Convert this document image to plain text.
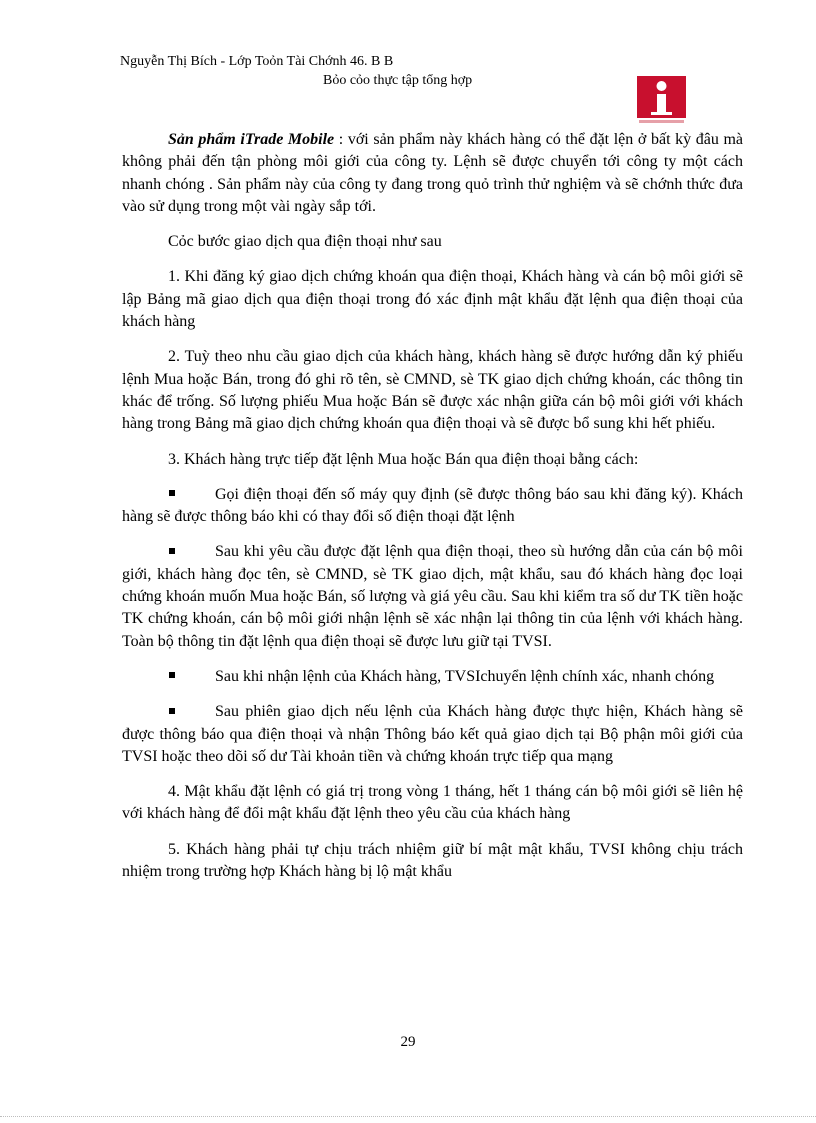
Nguyễn Thị Bích - Lớp Toỏn Tài Chớnh 46. B B
Bỏo cỏo thực tập tổng hợp

Sản phẩm iTrade Mobile : với sản phẩm này khách hàng có thể đặt lện ở bất kỳ đâu mà không phải đến tận phòng môi giới của công ty. Lệnh sẽ được chuyển tới công ty một cách nhanh chóng . Sản phẩm này của công ty đang trong quỏ trình thử nghiệm và sẽ chớnh thức đưa vào sử dụng trong một vài ngày sắp tới.

Cỏc bước giao dịch qua điện thoại như sau

1. Khi đăng ký giao dịch chứng khoán qua điện thoại, Khách hàng và cán bộ môi giới sẽ lập Bảng mã giao dịch qua điện thoại trong đó xác định mật khẩu đặt lệnh qua điện thoại của khách hàng

2. Tuỳ theo nhu cầu giao dịch của khách hàng, khách hàng sẽ được hướng dẫn ký phiếu lệnh Mua hoặc Bán, trong đó ghi rõ tên, sè CMND, sè TK giao dịch chứng khoán, các thông tin khác để trống. Số lượng phiếu Mua hoặc Bán sẽ được xác nhận giữa cán bộ môi giới với khách hàng trong Bảng mã giao dịch chứng khoán qua điện thoại và sẽ được bổ sung khi hết phiếu.

3. Khách hàng trực tiếp đặt lệnh Mua hoặc Bán qua điện thoại bằng cách:

Gọi điện thoại đến số máy quy định (sẽ được thông báo sau khi đăng ký). Khách hàng sẽ được thông báo khi có thay đổi số điện thoại đặt lệnh

Sau khi yêu cầu được đặt lệnh qua điện thoại, theo sù hướng dẫn của cán bộ môi giới, khách hàng đọc tên, sè CMND, sè TK giao dịch, mật khẩu, sau đó khách hàng đọc loại chứng khoán muốn Mua hoặc Bán, số lượng và giá yêu cầu. Sau khi kiểm tra số dư TK tiền hoặc TK chứng khoán, cán bộ môi giới nhận lệnh sẽ xác nhận lại thông tin của lệnh với khách hàng. Toàn bộ thông tin đặt lệnh qua điện thoại sẽ được lưu giữ tại TVSI.

Sau khi nhận lệnh của Khách hàng, TVSIchuyển lệnh chính xác, nhanh chóng

Sau phiên giao dịch nếu lệnh của Khách hàng được thực hiện, Khách hàng sẽ được thông báo qua điện thoại và nhận Thông báo kết quả giao dịch tại Bộ phận môi giới của TVSI hoặc theo dõi số dư Tài khoản tiền và chứng khoán trực tiếp qua mạng

4. Mật khẩu đặt lệnh có giá trị trong vòng 1 tháng, hết 1 tháng cán bộ môi giới sẽ liên hệ với khách hàng để đổi mật khẩu đặt lệnh theo yêu cầu của khách hàng

5. Khách hàng phải tự chịu trách nhiệm giữ bí mật mật khẩu, TVSI không chịu trách nhiệm trong trường hợp Khách hàng bị lộ mật khẩu

29
